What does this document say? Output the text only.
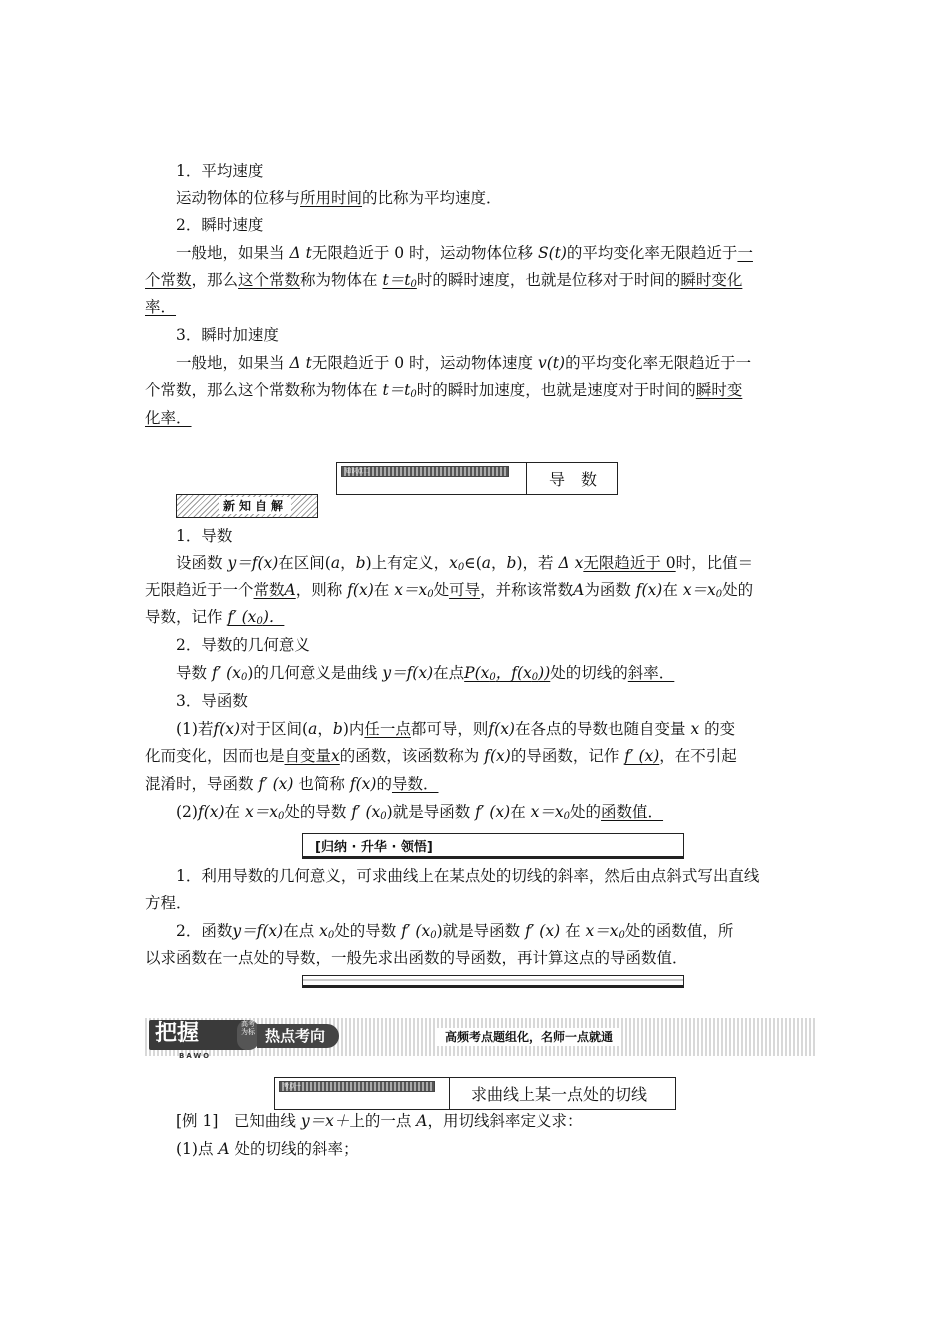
1．平均速度
运动物体的位移与所用时间的比称为平均速度．
2．瞬时速度
一般地，如果当 Δ t无限趋近于 0 时，运动物体位移 S(t)的平均变化率无限趋近于一
个常数，那么这个常数称为物体在 $t=t_0$时的瞬时速度，也就是位移对于时间的瞬时变化
率．
3．瞬时加速度
一般地，如果当 Δ t无限趋近于 0 时，运动物体速度 v(t)的平均变化率无限趋近于一
个常数，那么这个常数称为物体在 $t=t_0$时的瞬时加速度，也就是速度对于时间的瞬时变
化率．
知识点二	导　数
新知自解
1．导数
设函数 y＝f(x)在区间(a，b)上有定义，$x_0\in(a$，b)，若 Δ x无限趋近于 0时，比值＝
无限趋近于一个常数A，则称 f(x)在 $x=x_0$处可导，并称该常数A为函数 f(x)在 $x=x_0$处的
导数，记作 f′ $(x_0)$．
2．导数的几何意义
导数 f′ $(x_0)$的几何意义是曲线 y＝f(x)在点$P(x_0$，$f(x_0)$)处的切线的斜率．
3．导函数
(1)若f(x)对于区间(a，b)内任一点都可导，则f(x)在各点的导数也随自变量 x 的变
化而变化，因而也是自变量x的函数，该函数称为 f(x)的导函数，记作 f′ (x)，在不引起
混淆时，导函数 f′ (x) 也简称 f(x)的导数．
(2)f(x)在 $x=x_0$处的导数 f′ $(x_0)$就是导函数 f′ (x)在 $x=x_0$处的函数值．
[归纳 · 升华 · 领悟]
1．利用导数的几何意义，可求曲线上在某点处的切线的斜率，然后由点斜式写出直线
方程．
2．函数y＝f(x)在点 $x_0$处的导数 f′ $(x_0)$就是导函数 f′ (x) 在 $x=x_0$处的函数值，所
以求函数在一点处的导数，一般先求出函数的导函数，再计算这点的导函数值．
把握
BAWO
高考 为标 热点考向	高频考点题组化，名师一点就通
考点一	求曲线上某一点处的切线
[例 1]　已知曲线 y＝x＋上的一点 A，用切线斜率定义求：
(1)点 A 处的切线的斜率；
